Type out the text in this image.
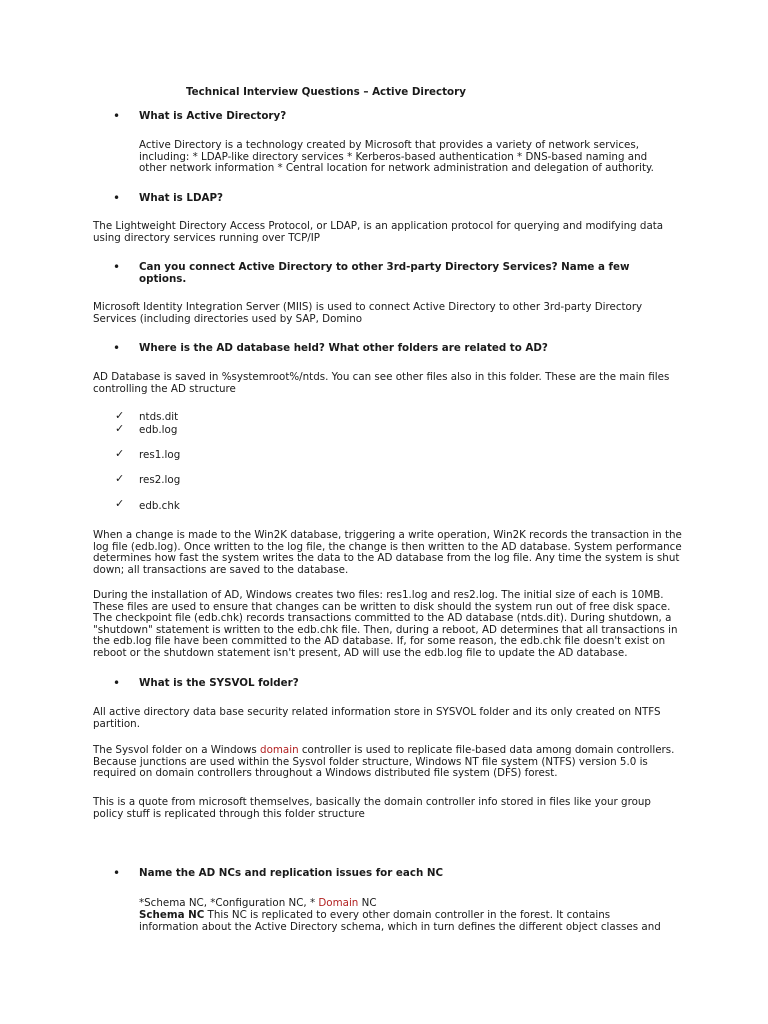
Technical Interview Questions – Active Directory

• What is Active Directory?

Active Directory is a technology created by Microsoft that provides a variety of network services, including: * LDAP-like directory services * Kerberos-based authentication * DNS-based naming and other network information * Central location for network administration and delegation of authority.

• What is LDAP?

The Lightweight Directory Access Protocol, or LDAP, is an application protocol for querying and modifying data using directory services running over TCP/IP

• Can you connect Active Directory to other 3rd-party Directory Services? Name a few options.

Microsoft Identity Integration Server (MIIS) is used to connect Active Directory to other 3rd-party Directory Services (including directories used by SAP, Domino

• Where is the AD database held? What other folders are related to AD?

AD Database is saved in %systemroot%/ntds. You can see other files also in this folder. These are the main files controlling the AD structure

✓ ntds.dit
✓ edb.log
✓ res1.log
✓ res2.log
✓ edb.chk

When a change is made to the Win2K database, triggering a write operation, Win2K records the transaction in the log file (edb.log). Once written to the log file, the change is then written to the AD database. System performance determines how fast the system writes the data to the AD database from the log file. Any time the system is shut down; all transactions are saved to the database.

During the installation of AD, Windows creates two files: res1.log and res2.log. The initial size of each is 10MB. These files are used to ensure that changes can be written to disk should the system run out of free disk space. The checkpoint file (edb.chk) records transactions committed to the AD database (ntds.dit). During shutdown, a "shutdown" statement is written to the edb.chk file. Then, during a reboot, AD determines that all transactions in the edb.log file have been committed to the AD database. If, for some reason, the edb.chk file doesn't exist on reboot or the shutdown statement isn't present, AD will use the edb.log file to update the AD database.

• What is the SYSVOL folder?

All active directory data base security related information store in SYSVOL folder and its only created on NTFS partition.

The Sysvol folder on a Windows domain controller is used to replicate file-based data among domain controllers. Because junctions are used within the Sysvol folder structure, Windows NT file system (NTFS) version 5.0 is required on domain controllers throughout a Windows distributed file system (DFS) forest.

This is a quote from microsoft themselves, basically the domain controller info stored in files like your group policy stuff is replicated through this folder structure

• Name the AD NCs and replication issues for each NC

*Schema NC, *Configuration NC, * Domain NC

Schema NC This NC is replicated to every other domain controller in the forest. It contains information about the Active Directory schema, which in turn defines the different object classes and
